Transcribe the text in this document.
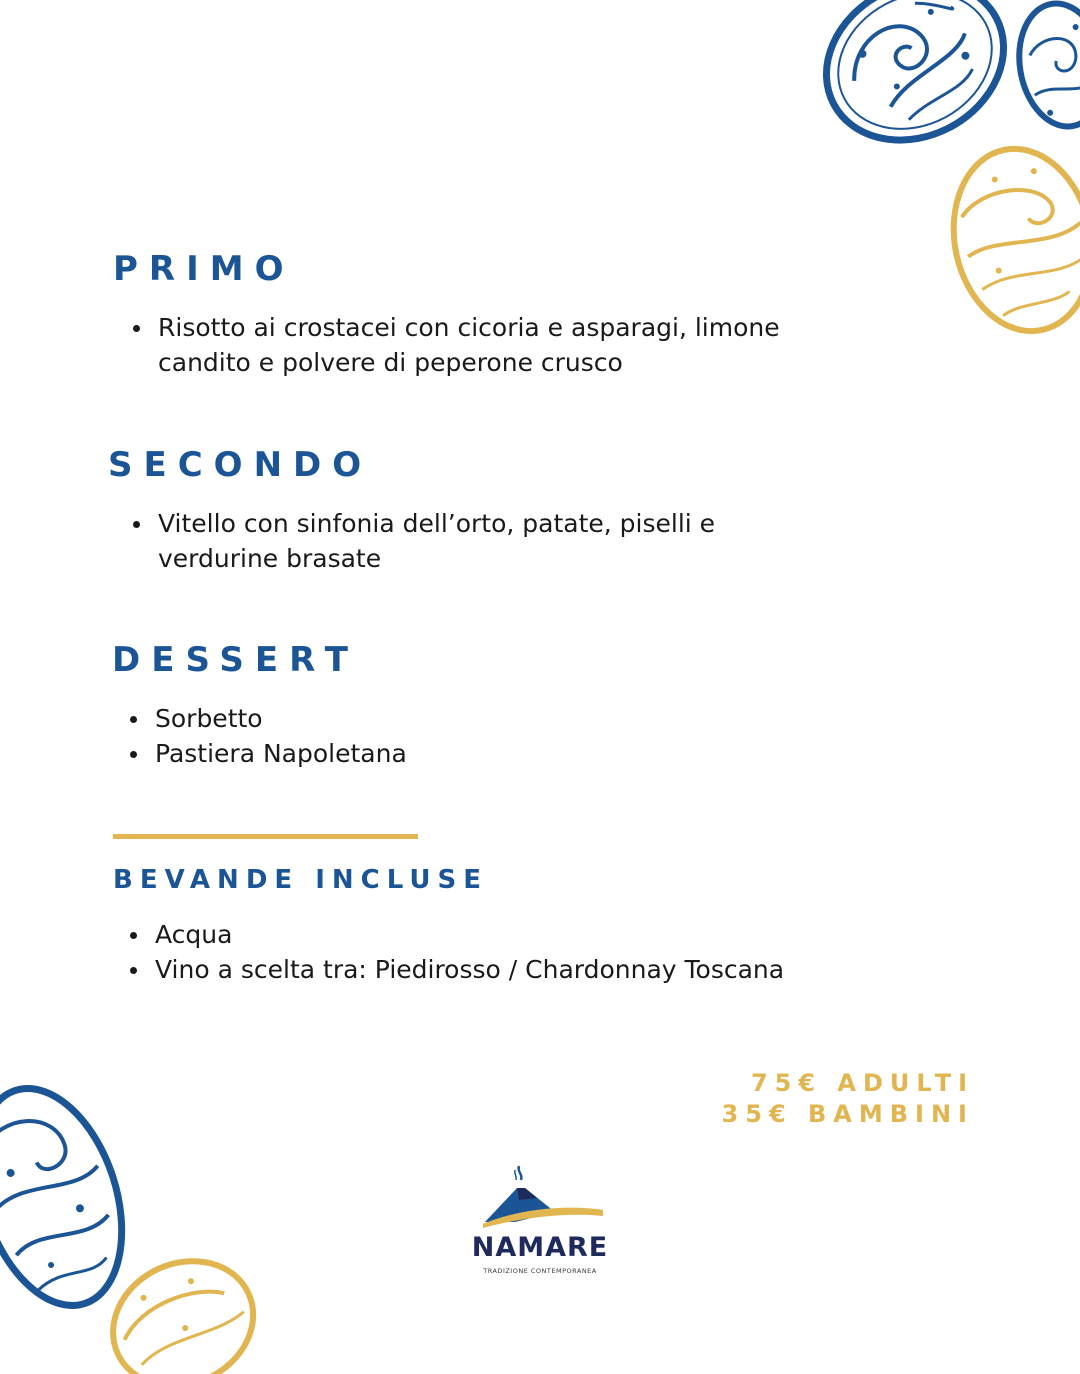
PRIMO
Risotto ai crostacei con cicoria e asparagi, limone candito e polvere di peperone crusco
SECONDO
Vitello con sinfonia dell’orto, patate, piselli e verdurine brasate
DESSERT
Sorbetto
Pastiera Napoletana
BEVANDE INCLUSE
Acqua
Vino a scelta tra: Piedirosso / Chardonnay Toscana
75€ ADULTI
35€ BAMBINI
NAMARE
TRADIZIONE CONTEMPORANEA
